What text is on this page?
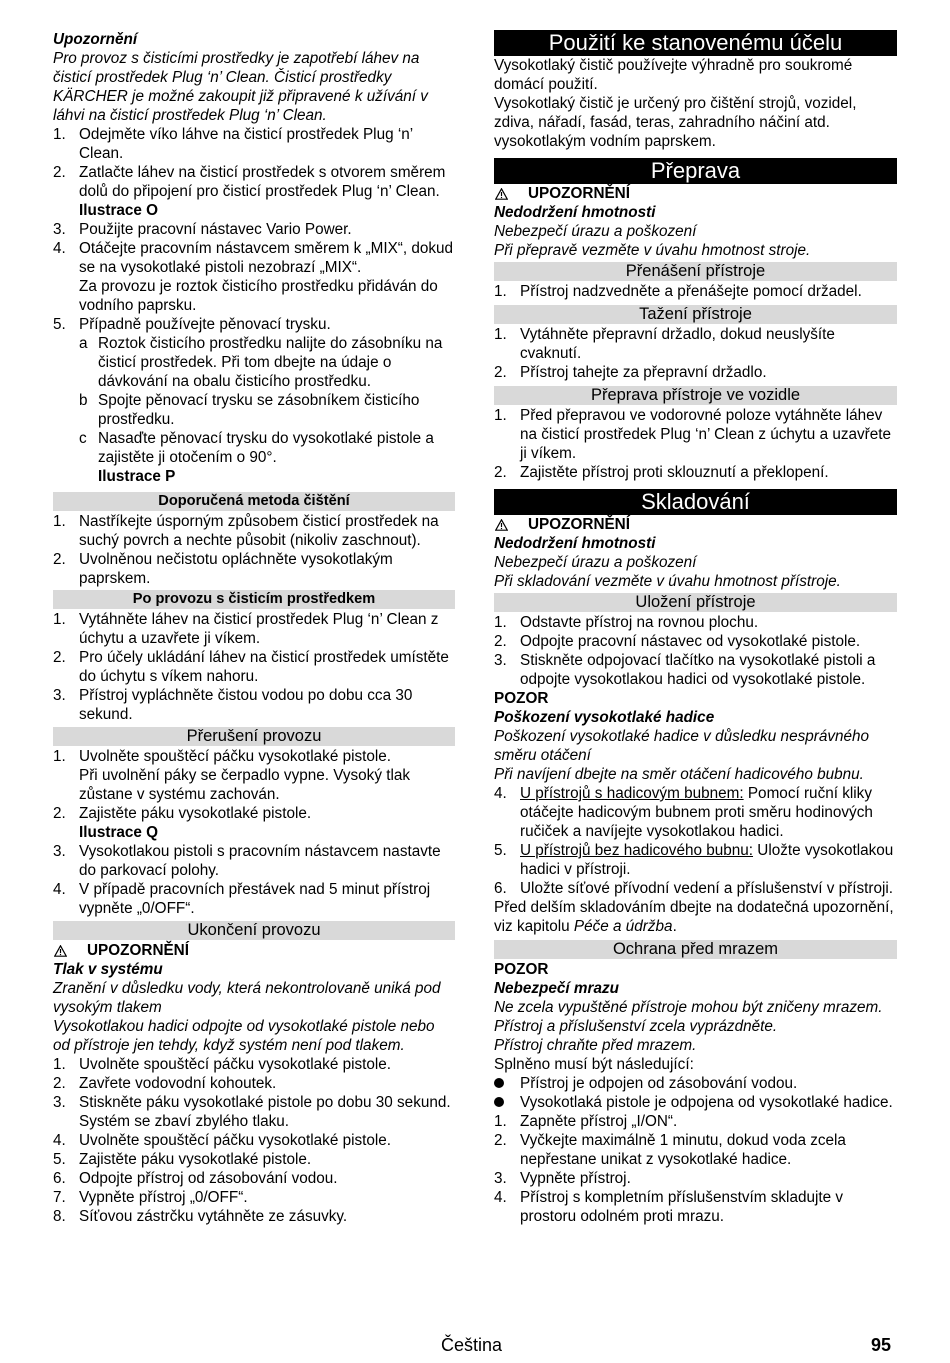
Upozornění

Pro provoz s čisticími prostředky je zapotřebí láhev na čisticí prostředek Plug ‘n’ Clean. Čisticí prostředky KÄRCHER je možné zakoupit již připravené k užívání v láhvi na čisticí prostředek Plug ‘n’ Clean.

1. Odejměte víko láhve na čisticí prostředek Plug ‘n’ Clean.
2. Zatlačte láhev na čisticí prostředek s otvorem směrem dolů do připojení pro čisticí prostředek Plug ‘n’ Clean.
Ilustrace O
3. Použijte pracovní nástavec Vario Power.
4. Otáčejte pracovním nástavcem směrem k „MIX“, dokud se na vysokotlaké pistoli nezobrazí „MIX“.
Za provozu je roztok čisticího prostředku přidáván do vodního paprsku.
5. Případně používejte pěnovací trysku.
a Roztok čisticího prostředku nalijte do zásobníku na čisticí prostředek. Při tom dbejte na údaje o dávkování na obalu čisticího prostředku.
b Spojte pěnovací trysku se zásobníkem čisticího prostředku.
c Nasaďte pěnovací trysku do vysokotlaké pistole a zajistěte ji otočením o 90°.
Ilustrace P
Doporučená metoda čištění
1. Nastříkejte úsporným způsobem čisticí prostředek na suchý povrch a nechte působit (nikoliv zaschnout).
2. Uvolněnou nečistotu opláchněte vysokotlakým paprskem.
Po provozu s čisticím prostředkem
1. Vytáhněte láhev na čisticí prostředek Plug ‘n’ Clean z úchytu a uzavřete ji víkem.
2. Pro účely ukládání láhev na čisticí prostředek umístěte do úchytu s víkem nahoru.
3. Přístroj vypláchněte čistou vodou po dobu cca 30 sekund.
Přerušení provozu
1. Uvolněte spouštěcí páčku vysokotlaké pistole.
Při uvolnění páky se čerpadlo vypne. Vysoký tlak zůstane v systému zachován.
2. Zajistěte páku vysokotlaké pistole.
Ilustrace Q
3. Vysokotlakou pistoli s pracovním nástavcem nastavte do parkovací polohy.
4. V případě pracovních přestávek nad 5 minut přístroj vypněte „0/OFF“.
Ukončení provozu
UPOZORNĚNÍ

Tlak v systému

Zranění v důsledku vody, která nekontrolovaně uniká pod vysokým tlakem

Vysokotlakou hadici odpojte od vysokotlaké pistole nebo od přístroje jen tehdy, když systém není pod tlakem.

1. Uvolněte spouštěcí páčku vysokotlaké pistole.
2. Zavřete vodovodní kohoutek.
3. Stiskněte páku vysokotlaké pistole po dobu 30 sekund.
Systém se zbaví zbylého tlaku.
4. Uvolněte spouštěcí páčku vysokotlaké pistole.
5. Zajistěte páku vysokotlaké pistole.
6. Odpojte přístroj od zásobování vodou.
7. Vypněte přístroj „0/OFF“.
8. Síťovou zástrčku vytáhněte ze zásuvky.
Použití ke stanovenému účelu

Vysokotlaký čistič používejte výhradně pro soukromé domácí použití.

Vysokotlaký čistič je určený pro čištění strojů, vozidel, zdiva, nářadí, fasád, teras, zahradního náčiní atd. vysokotlakým vodním paprskem.

Přeprava
UPOZORNĚNÍ

Nedodržení hmotnosti

Nebezpečí úrazu a poškození

Při přepravě vezměte v úvahu hmotnost stroje.

Přenášení přístroje
1. Přístroj nadzvedněte a přenášejte pomocí držadel.
Tažení přístroje
1. Vytáhněte přepravní držadlo, dokud neuslyšíte cvaknutí.
2. Přístroj tahejte za přepravní držadlo.
Přeprava přístroje ve vozidle
1. Před přepravou ve vodorovné poloze vytáhněte láhev na čisticí prostředek Plug ‘n’ Clean z úchytu a uzavřete ji víkem.
2. Zajistěte přístroj proti sklouznutí a překlopení.
Skladování
UPOZORNĚNÍ

Nedodržení hmotnosti

Nebezpečí úrazu a poškození

Při skladování vezměte v úvahu hmotnost přístroje.

Uložení přístroje
1. Odstavte přístroj na rovnou plochu.
2. Odpojte pracovní nástavec od vysokotlaké pistole.
3. Stiskněte odpojovací tlačítko na vysokotlaké pistoli a odpojte vysokotlakou hadici od vysokotlaké pistole.

POZOR

Poškození vysokotlaké hadice

Poškození vysokotlaké hadice v důsledku nesprávného směru otáčení

Při navíjení dbejte na směr otáčení hadicového bubnu.

4. U přístrojů s hadicovým bubnem: Pomocí ruční kliky otáčejte hadicovým bubnem proti směru hodinových ručiček a navíjejte vysokotlakou hadici.
5. U přístrojů bez hadicového bubnu: Uložte vysokotlakou hadici v přístroji.
6. Uložte síťové přívodní vedení a příslušenství v přístroji.

Před delším skladováním dbejte na dodatečná upozornění, viz kapitolu Péče a údržba.

Ochrana před mrazem

POZOR

Nebezpečí mrazu

Ne zcela vypuštěné přístroje mohou být zničeny mrazem.

Přístroj a příslušenství zcela vyprázdněte.

Přístroj chraňte před mrazem.

Splněno musí být následující:

Přístroj je odpojen od zásobování vodou.
Vysokotlaká pistole je odpojena od vysokotlaké hadice.
1. Zapněte přístroj „I/ON“.
2. Vyčkejte maximálně 1 minutu, dokud voda zcela nepřestane unikat z vysokotlaké hadice.
3. Vypněte přístroj.
4. Přístroj s kompletním příslušenstvím skladujte v prostoru odolném proti mrazu.
Čeština	95
